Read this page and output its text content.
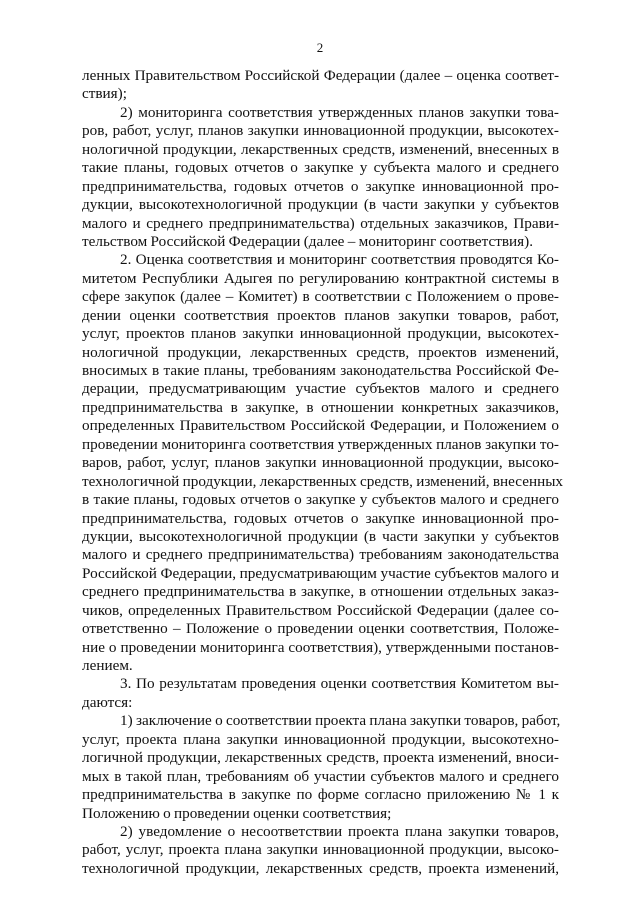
2
ленных Правительством Российской Федерации (далее – оценка соответ-
ствия);
2) мониторинга соответствия утвержденных планов закупки това-
ров, работ, услуг, планов закупки инновационной продукции, высокотех-
нологичной продукции, лекарственных средств, изменений, внесенных в
такие планы, годовых отчетов о закупке у субъекта малого и среднего
предпринимательства, годовых отчетов о закупке инновационной про-
дукции, высокотехнологичной продукции (в части закупки у субъектов
малого и среднего предпринимательства) отдельных заказчиков, Прави-
тельством Российской Федерации (далее – мониторинг соответствия).
2. Оценка соответствия и мониторинг соответствия проводятся Ко-
митетом Республики Адыгея по регулированию контрактной системы в
сфере закупок (далее – Комитет) в соответствии с Положением о прове-
дении оценки соответствия проектов планов закупки товаров, работ,
услуг, проектов планов закупки инновационной продукции, высокотех-
нологичной продукции, лекарственных средств, проектов изменений,
вносимых в такие планы, требованиям законодательства Российской Фе-
дерации, предусматривающим участие субъектов малого и среднего
предпринимательства в закупке, в отношении конкретных заказчиков,
определенных Правительством Российской Федерации, и Положением о
проведении мониторинга соответствия утвержденных планов закупки то-
варов, работ, услуг, планов закупки инновационной продукции, высоко-
технологичной продукции, лекарственных средств, изменений, внесенных
в такие планы, годовых отчетов о закупке у субъектов малого и среднего
предпринимательства, годовых отчетов о закупке инновационной про-
дукции, высокотехнологичной продукции (в части закупки у субъектов
малого и среднего предпринимательства) требованиям законодательства
Российской Федерации, предусматривающим участие субъектов малого и
среднего предпринимательства в закупке, в отношении отдельных заказ-
чиков, определенных Правительством Российской Федерации (далее со-
ответственно – Положение о проведении оценки соответствия, Положе-
ние о проведении мониторинга соответствия), утвержденными постанов-
лением.
3. По результатам проведения оценки соответствия Комитетом вы-
даются:
1) заключение о соответствии проекта плана закупки товаров, работ,
услуг, проекта плана закупки инновационной продукции, высокотехно-
логичной продукции, лекарственных средств, проекта изменений, вноси-
мых в такой план, требованиям об участии субъектов малого и среднего
предпринимательства в закупке по форме согласно приложению № 1 к
Положению о проведении оценки соответствия;
2) уведомление о несоответствии проекта плана закупки товаров,
работ, услуг, проекта плана закупки инновационной продукции, высоко-
технологичной продукции, лекарственных средств, проекта изменений,
